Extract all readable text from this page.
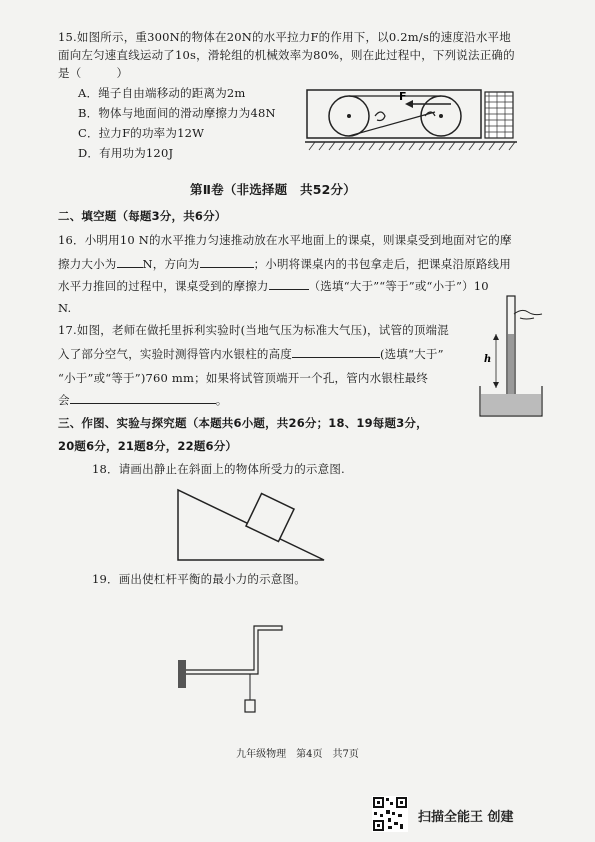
15.如图所示，重300N的物体在20N的水平拉力F的作用下，以0.2m/s的速度沿水平地
面向左匀速直线运动了10s，滑轮组的机械效率为80%，则在此过程中，下列说法正确的
是（　　　）
A．绳子自由端移动的距离为2m
B．物体与地面间的滑动摩擦力为48N
C．拉力F的功率为12W
D．有用功为120J
F
第Ⅱ卷（非选择题　共52分）
二、填空题（每题3分，共6分）
16．小明用10 N的水平推力匀速推动放在水平地面上的课桌，则课桌受到地面对它的摩
擦力大小为 N，方向为	；小明将课桌内的书包拿走后，把课桌沿原路线用
水平力推回的过程中，课桌受到的摩擦力	（选填“大于”“等于”或“小于”）10
N.
17.如图，老师在做托里拆利实验时(当地气压为标准大气压)，试管的顶端混
入了部分空气，实验时测得管内水银柱的高度	(选填“大于”
“小于”或“等于”)760 mm；如果将试管顶端开一个孔，管内水银柱最终
会	。
h
三、作图、实验与探究题（本题共6小题，共26分；18、19每题3分，
20题6分，21题8分，22题6分）
18．请画出静止在斜面上的物体所受力的示意图.
19．画出使杠杆平衡的最小力的示意图。
九年级物理　第4页　共7页
扫描全能王 创建
